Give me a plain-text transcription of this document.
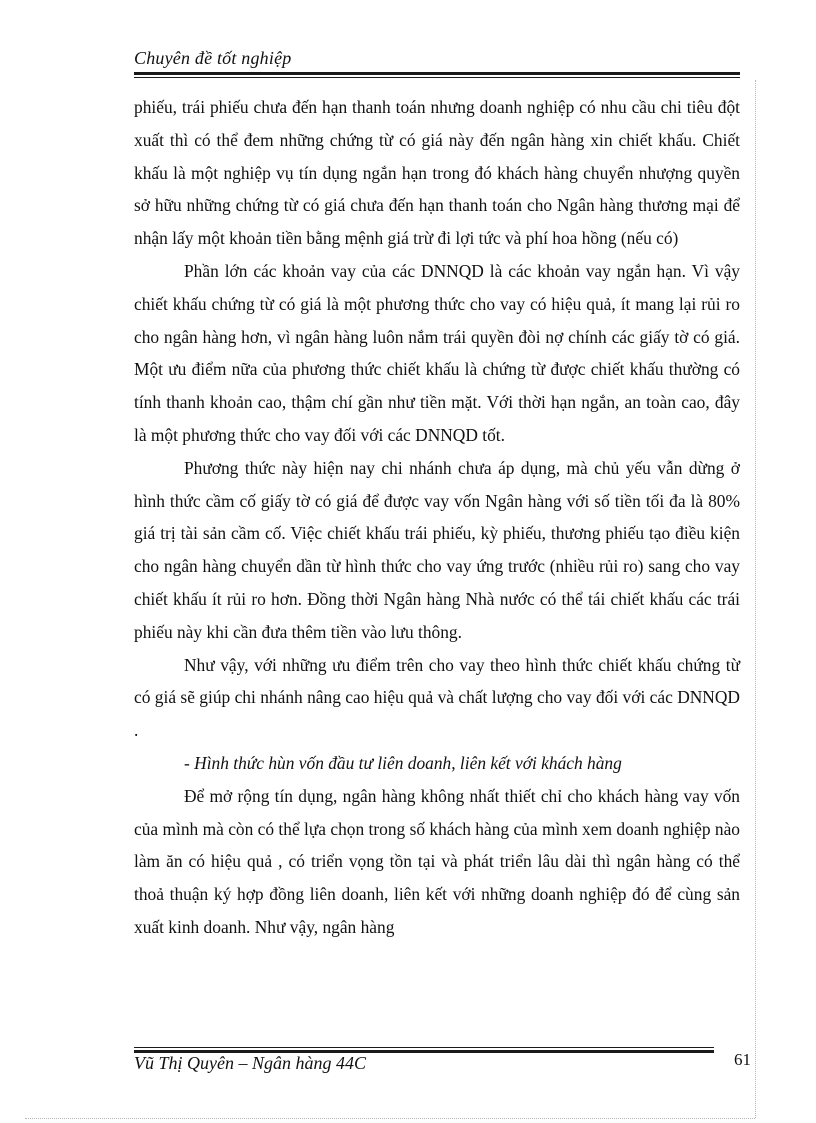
Chuyên đề tốt nghiệp

phiếu, trái phiếu chưa đến hạn thanh toán nhưng doanh nghiệp có nhu cầu chi tiêu đột xuất thì có thể đem những chứng từ có giá này đến ngân hàng xin chiết khấu. Chiết khấu là một nghiệp vụ tín dụng ngắn hạn trong đó khách hàng chuyển nhượng quyền sở hữu những chứng từ có giá chưa đến hạn thanh toán cho Ngân hàng thương mại để nhận lấy một khoản tiền bằng mệnh giá trừ đi lợi tức và phí hoa hồng (nếu có)

Phần lớn các khoản vay của các DNNQD là các khoản vay ngắn hạn. Vì vậy chiết khấu chứng từ có giá là một phương thức cho vay có hiệu quả, ít mang lại rủi ro cho ngân hàng hơn, vì ngân hàng luôn nắm trái quyền đòi nợ chính các giấy tờ có giá. Một ưu điểm nữa của phương thức chiết khấu là chứng từ được chiết khấu thường có tính thanh khoản cao, thậm chí gần như tiền mặt. Với thời hạn ngắn, an toàn cao, đây là một phương thức cho vay đối với các DNNQD tốt.

Phương thức này hiện nay chi nhánh chưa áp dụng, mà chủ yếu vẫn dừng ở hình thức cầm cố giấy tờ có giá để được vay vốn Ngân hàng với số tiền tối đa là 80% giá trị tài sản cầm cố. Việc chiết khấu trái phiếu, kỳ phiếu, thương phiếu tạo điều kiện cho ngân hàng chuyển dần từ hình thức cho vay ứng trước (nhiều rủi ro) sang cho vay chiết khấu ít rủi ro hơn. Đồng thời Ngân hàng Nhà nước có thể tái chiết khấu các trái phiếu này khi cần đưa thêm tiền vào lưu thông.

Như vậy, với những ưu điểm trên cho vay theo hình thức chiết khấu chứng từ có giá sẽ giúp chi nhánh nâng cao hiệu quả và chất lượng cho vay đối với các DNNQD .

- Hình thức hùn vốn đầu tư liên doanh, liên kết với khách hàng

Để mở rộng tín dụng, ngân hàng không nhất thiết chỉ cho khách hàng vay vốn của mình mà còn có thể lựa chọn trong số khách hàng của mình xem doanh nghiệp nào làm ăn có hiệu quả , có triển vọng tồn tại và phát triển lâu dài thì ngân hàng có thể thoả thuận ký hợp đồng liên doanh, liên kết với những doanh nghiệp đó để cùng sản xuất kinh doanh. Như vậy, ngân hàng

Vũ Thị Quyên – Ngân hàng 44C	61
